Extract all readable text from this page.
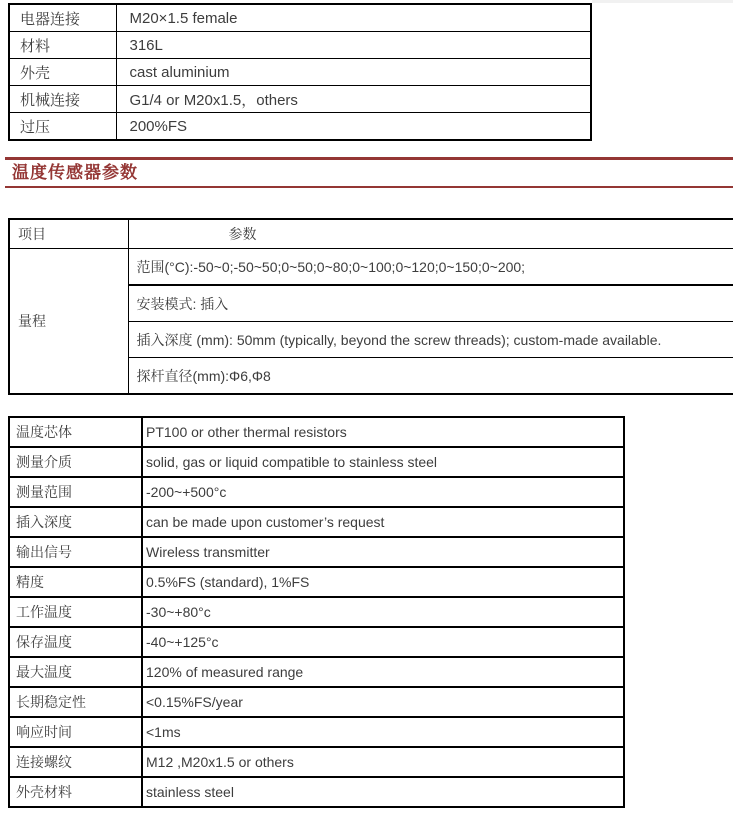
电器连接	M20×1.5 female
材料	316L
外壳	cast aluminium
机械连接	G1/4 or M20x1.5，others
过压	200%FS
温度传感器参数
项目	参数
量程	范围(°C):-50~0;-50~50;0~50;0~80;0~100;0~120;0~150;0~200;
	安装模式: 插入
	插入深度 (mm): 50mm (typically, beyond the screw threads); custom-made available.
	探杆直径(mm):Φ6,Φ8
温度芯体	PT100 or other thermal resistors
测量介质	solid, gas or liquid compatible to stainless steel
测量范围	-200~+500°c
插入深度	can be made upon customer’s request
输出信号	Wireless transmitter
精度	0.5%FS (standard), 1%FS
工作温度	-30~+80°c
保存温度	-40~+125°c
最大温度	120% of measured range
长期稳定性	<0.15%FS/year
响应时间	<1ms
连接螺纹	M12 ,M20x1.5 or others
外壳材料	stainless steel
